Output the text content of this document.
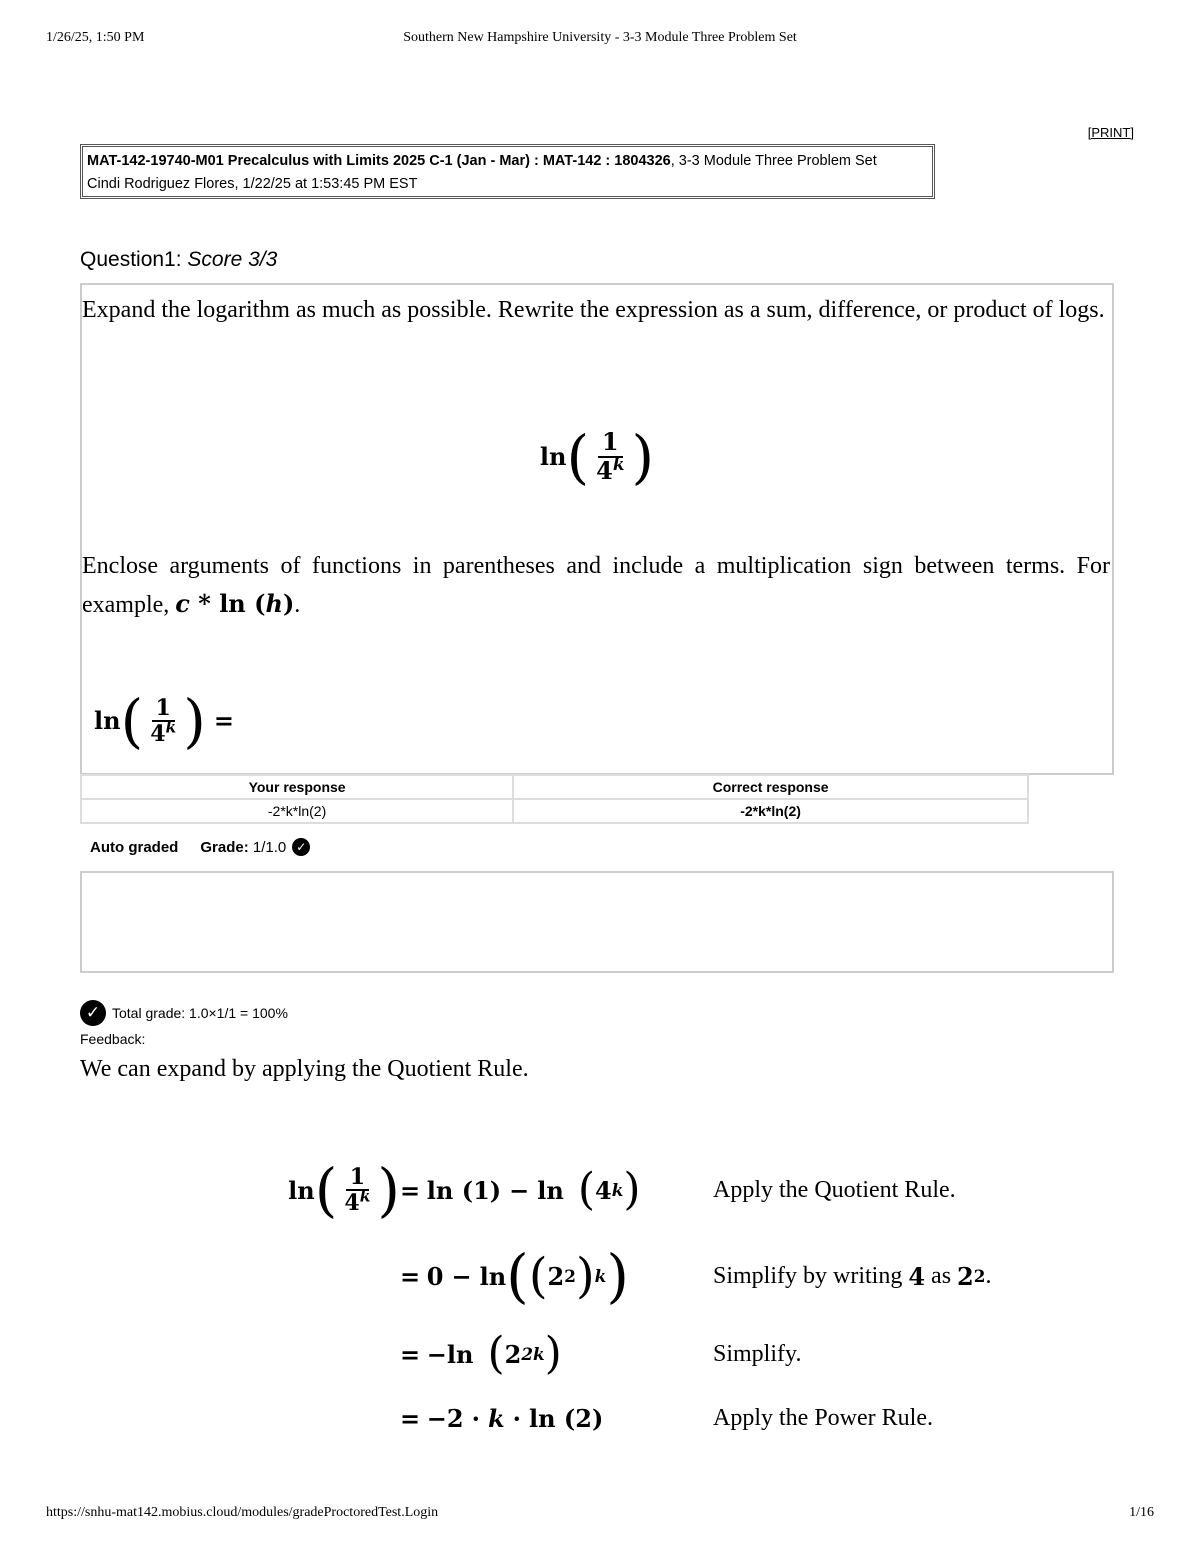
1/26/25, 1:50 PM	Southern New Hampshire University - 3-3 Module Three Problem Set
[PRINT]
MAT-142-19740-M01 Precalculus with Limits 2025 C-1 (Jan - Mar) : MAT-142 : 1804326, 3-3 Module Three Problem Set
Cindi Rodriguez Flores, 1/22/25 at 1:53:45 PM EST
Question1: Score 3/3
Expand the logarithm as much as possible. Rewrite the expression as a sum, difference, or product of logs.
ln ( $\frac{1}{4^k}$ )
Enclose arguments of functions in parentheses and include a multiplication sign between terms. For example, c * ln (h).
ln ( $\frac{1}{4^k}$ ) =
Your response	Correct response
-2*k*ln(2)	-2*k*ln(2)
Auto graded Grade:
1/1.0 ✓
✓ Total grade: 1.0×1/1 = 100%
Feedback:
We can expand by applying the Quotient Rule.
ln ( $\frac{1}{4^k}$ ) =
ln ( 1 ) − ln ( 4 k )	Apply the Quotient Rule.
=
0 − ln ( ( 2 2 ) k )	Simplify by writing
4
as
2 2 .
=
− ln ( 2 2k )	Simplify.
=
− 2 · k · ln ( 2 )	Apply the Power Rule.
https://snhu-mat142.mobius.cloud/modules/gradeProctoredTest.Login	1/16
